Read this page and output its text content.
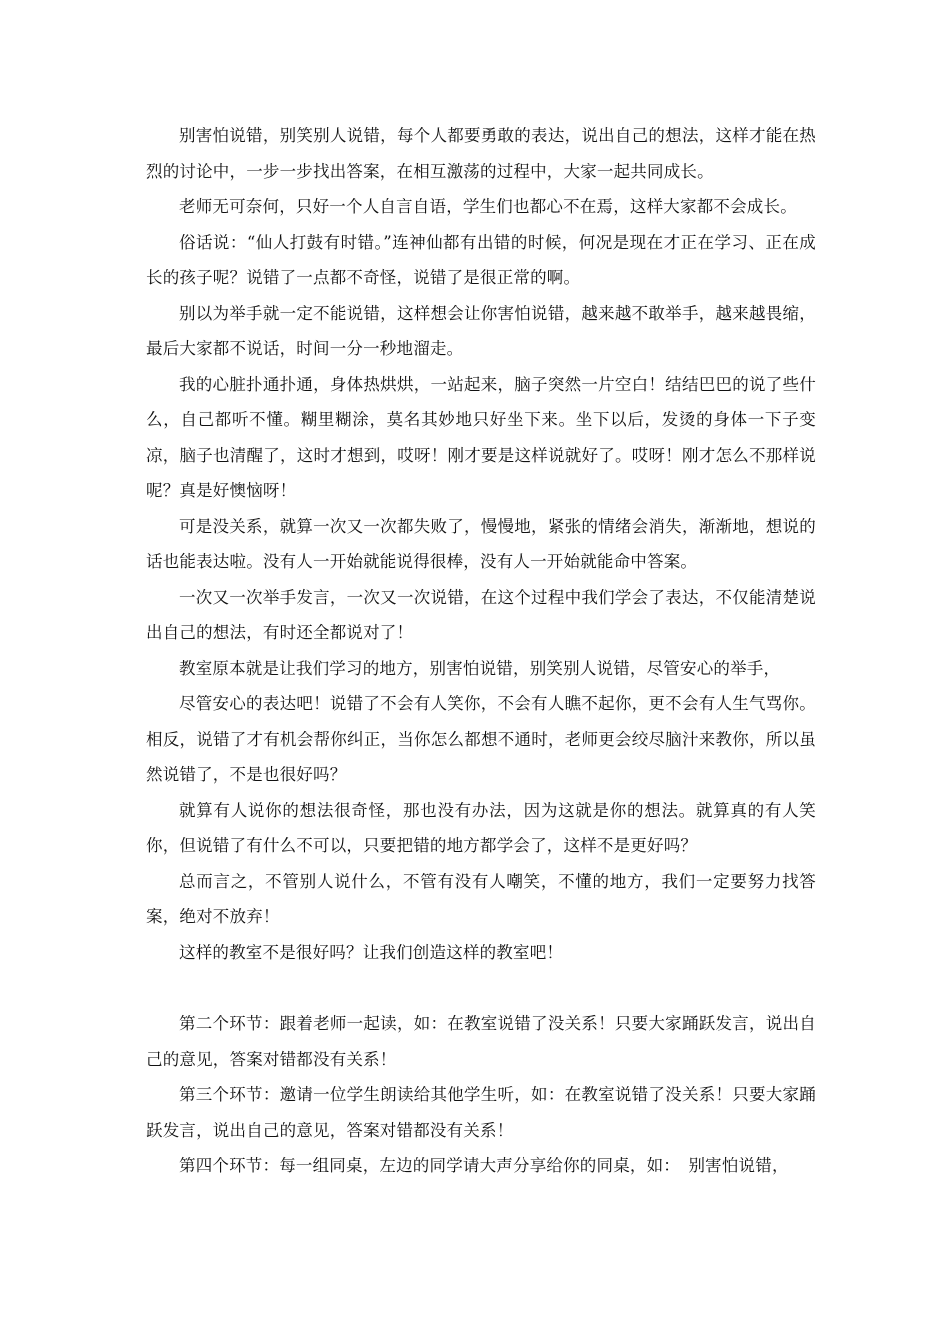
别害怕说错，别笑别人说错，每个人都要勇敢的表达，说出自己的想法，这样才能在热烈的讨论中，一步一步找出答案，在相互激荡的过程中，大家一起共同成长。

老师无可奈何，只好一个人自言自语，学生们也都心不在焉，这样大家都不会成长。

俗话说：“仙人打鼓有时错。”连神仙都有出错的时候，何况是现在才正在学习、正在成长的孩子呢？说错了一点都不奇怪，说错了是很正常的啊。

别以为举手就一定不能说错，这样想会让你害怕说错，越来越不敢举手，越来越畏缩，最后大家都不说话，时间一分一秒地溜走。

我的心脏扑通扑通，身体热烘烘，一站起来，脑子突然一片空白！结结巴巴的说了些什么，自己都听不懂。糊里糊涂，莫名其妙地只好坐下来。坐下以后，发烫的身体一下子变凉，脑子也清醒了，这时才想到，哎呀！刚才要是这样说就好了。哎呀！刚才怎么不那样说呢？真是好懊恼呀！

可是没关系，就算一次又一次都失败了，慢慢地，紧张的情绪会消失，渐渐地，想说的话也能表达啦。没有人一开始就能说得很棒，没有人一开始就能命中答案。

一次又一次举手发言，一次又一次说错，在这个过程中我们学会了表达，不仅能清楚说出自己的想法，有时还全都说对了！

教室原本就是让我们学习的地方，别害怕说错，别笑别人说错，尽管安心的举手，

尽管安心的表达吧！说错了不会有人笑你，不会有人瞧不起你，更不会有人生气骂你。相反，说错了才有机会帮你纠正，当你怎么都想不通时，老师更会绞尽脑汁来教你，所以虽然说错了，不是也很好吗？

就算有人说你的想法很奇怪，那也没有办法，因为这就是你的想法。就算真的有人笑你，但说错了有什么不可以，只要把错的地方都学会了，这样不是更好吗？

总而言之，不管别人说什么，不管有没有人嘲笑，不懂的地方，我们一定要努力找答案，绝对不放弃！

这样的教室不是很好吗？让我们创造这样的教室吧！

第二个环节：跟着老师一起读，如：在教室说错了没关系！只要大家踊跃发言，说出自己的意见，答案对错都没有关系！

第三个环节：邀请一位学生朗读给其他学生听，如：在教室说错了没关系！只要大家踊跃发言，说出自己的意见，答案对错都没有关系！

第四个环节：每一组同桌，左边的同学请大声分享给你的同桌，如：　别害怕说错，
